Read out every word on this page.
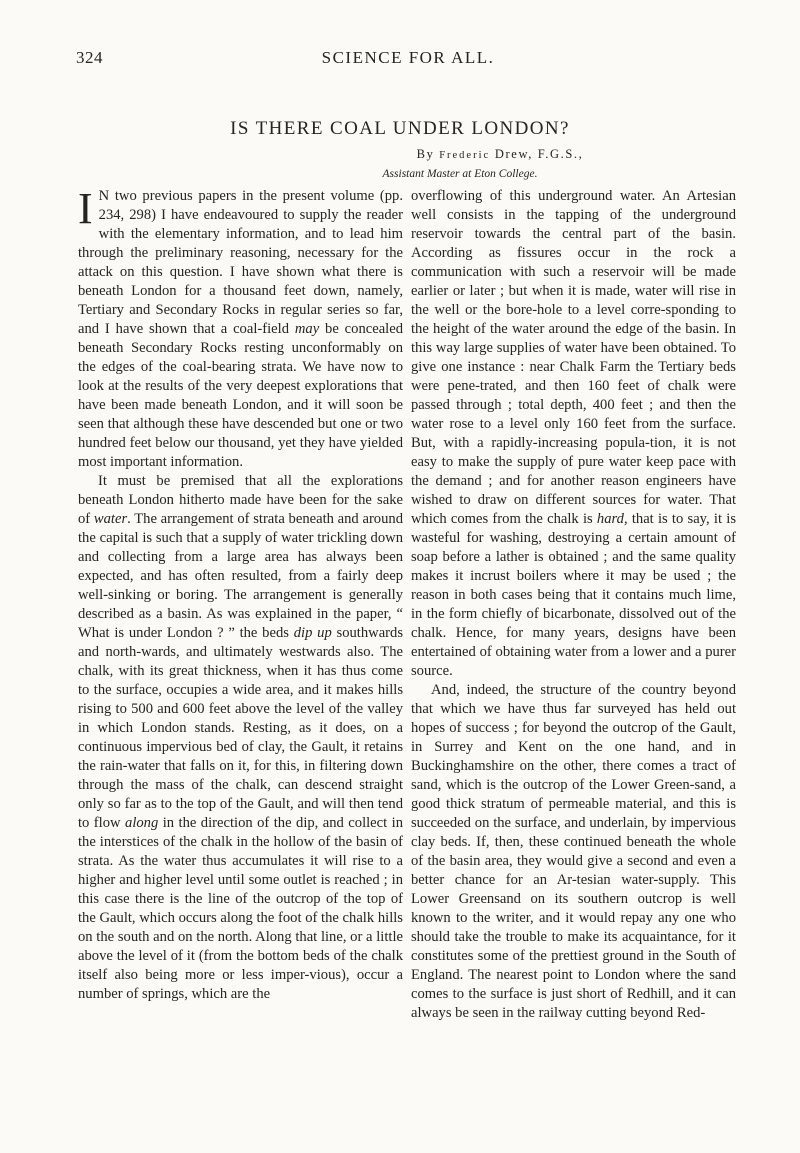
324	SCIENCE FOR ALL.
IS THERE COAL UNDER LONDON?
By Frederic Drew, F.G.S.,
Assistant Master at Eton College.

I N two previous papers in the present volume (pp. 234, 298) I have endeavoured to supply the reader with the elementary information, and to lead him through the preliminary reasoning, necessary for the attack on this question. I have shown what there is beneath London for a thousand feet down, namely, Tertiary and Secondary Rocks in regular series so far, and I have shown that a coal-field may be concealed beneath Secondary Rocks resting unconformably on the edges of the coal-bearing strata. We have now to look at the results of the very deepest explorations that have been made beneath London, and it will soon be seen that although these have descended but one or two hundred feet below our thousand, yet they have yielded most important information.

It must be premised that all the explorations beneath London hitherto made have been for the sake of water. The arrangement of strata beneath and around the capital is such that a supply of water trickling down and collecting from a large area has always been expected, and has often resulted, from a fairly deep well-sinking or boring. The arrangement is generally described as a basin. As was explained in the paper, “ What is under London ? ” the beds dip up southwards and north-wards, and ultimately westwards also. The chalk, with its great thickness, when it has thus come to the surface, occupies a wide area, and it makes hills rising to 500 and 600 feet above the level of the valley in which London stands. Resting, as it does, on a continuous impervious bed of clay, the Gault, it retains the rain-water that falls on it, for this, in filtering down through the mass of the chalk, can descend straight only so far as to the top of the Gault, and will then tend to flow along in the direction of the dip, and collect in the interstices of the chalk in the hollow of the basin of strata. As the water thus accumulates it will rise to a higher and higher level until some outlet is reached ; in this case there is the line of the outcrop of the top of the Gault, which occurs along the foot of the chalk hills on the south and on the north. Along that line, or a little above the level of it (from the bottom beds of the chalk itself also being more or less imper-vious), occur a number of springs, which are the

overflowing of this underground water. An Artesian well consists in the tapping of the underground reservoir towards the central part of the basin. According as fissures occur in the rock a communication with such a reservoir will be made earlier or later ; but when it is made, water will rise in the well or the bore-hole to a level corre-sponding to the height of the water around the edge of the basin. In this way large supplies of water have been obtained. To give one instance : near Chalk Farm the Tertiary beds were pene-trated, and then 160 feet of chalk were passed through ; total depth, 400 feet ; and then the water rose to a level only 160 feet from the surface. But, with a rapidly-increasing popula-tion, it is not easy to make the supply of pure water keep pace with the demand ; and for another reason engineers have wished to draw on different sources for water. That which comes from the chalk is hard, that is to say, it is wasteful for washing, destroying a certain amount of soap before a lather is obtained ; and the same quality makes it incrust boilers where it may be used ; the reason in both cases being that it contains much lime, in the form chiefly of bicarbonate, dissolved out of the chalk. Hence, for many years, designs have been entertained of obtaining water from a lower and a purer source.

And, indeed, the structure of the country beyond that which we have thus far surveyed has held out hopes of success ; for beyond the outcrop of the Gault, in Surrey and Kent on the one hand, and in Buckinghamshire on the other, there comes a tract of sand, which is the outcrop of the Lower Green-sand, a good thick stratum of permeable material, and this is succeeded on the surface, and underlain, by impervious clay beds. If, then, these continued beneath the whole of the basin area, they would give a second and even a better chance for an Ar-tesian water-supply. This Lower Greensand on its southern outcrop is well known to the writer, and it would repay any one who should take the trouble to make its acquaintance, for it constitutes some of the prettiest ground in the South of England. The nearest point to London where the sand comes to the surface is just short of Redhill, and it can always be seen in the railway cutting beyond Red-
